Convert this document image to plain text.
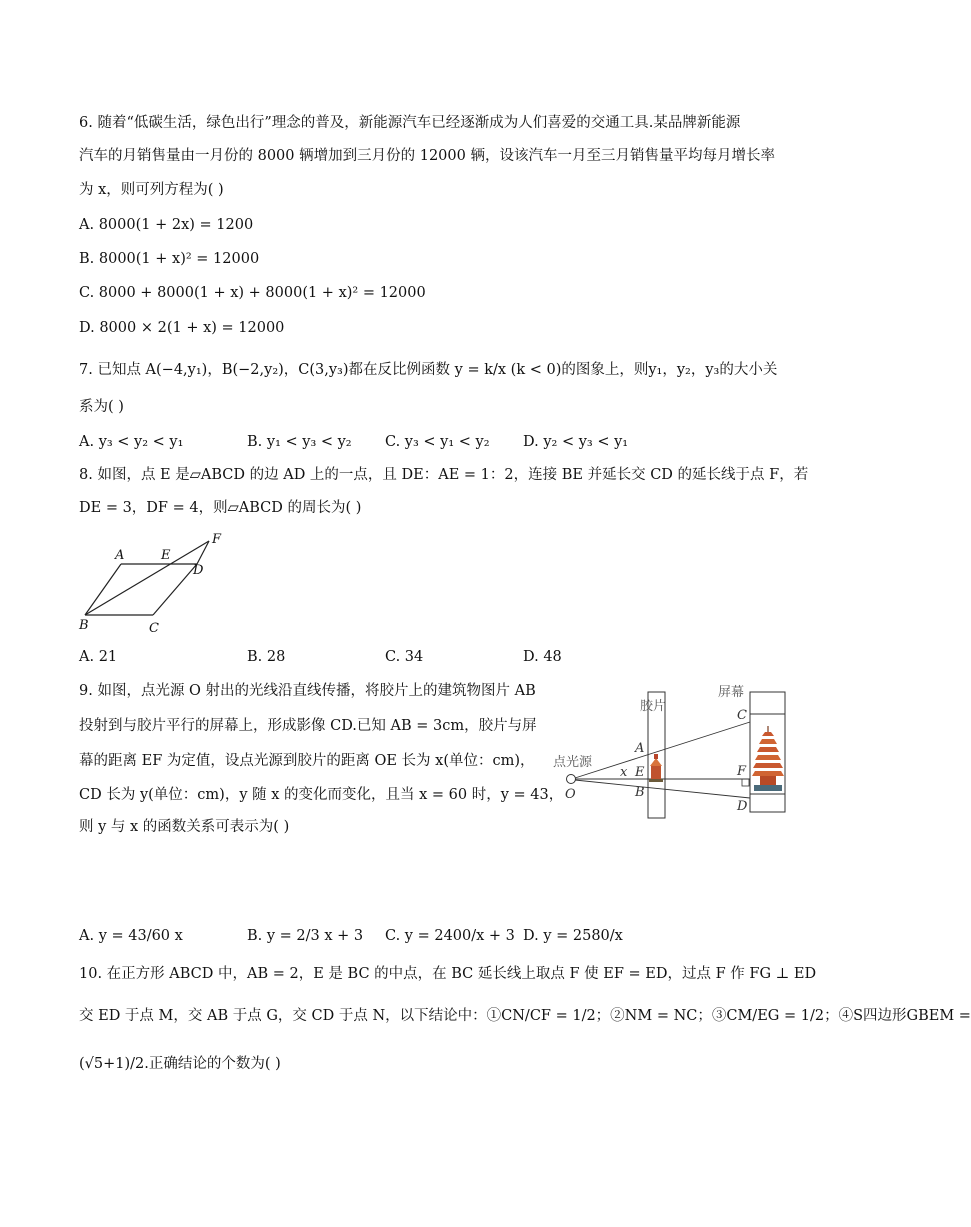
6. 随着“低碳生活，绿色出行”理念的普及，新能源汽车已经逐渐成为人们喜爱的交通工具.某品牌新能源
汽车的月销售量由一月份的 8000 辆增加到三月份的 12000 辆，设该汽车一月至三月销售量平均每月增长率
为 x，则可列方程为( )
A. 8000(1 + 2x) = 1200
B. 8000(1 + x)² = 12000
C. 8000 + 8000(1 + x) + 8000(1 + x)² = 12000
D. 8000 × 2(1 + x) = 12000
7. 已知点 A(−4,y₁)，B(−2,y₂)，C(3,y₃)都在反比例函数 y = k/x (k < 0)的图象上，则y₁，y₂，y₃的大小关
系为( )
A. y₃ < y₂ < y₁	B. y₁ < y₃ < y₂ C. y₃ < y₁ < y₂ D. y₂ < y₃ < y₁
8. 如图，点 E 是▱ABCD 的边 AD 上的一点，且 DE：AE = 1：2，连接 BE 并延长交 CD 的延长线于点 F，若
DE = 3，DF = 4，则▱ABCD 的周长为( )
A	E
F
D
B	C
A. 21	B. 28	C. 34	D. 48
9. 如图，点光源 O 射出的光线沿直线传播，将胶片上的建筑物图片 AB
投射到与胶片平行的屏幕上，形成影像 CD.已知 AB = 3cm，胶片与屏
幕的距离 EF 为定值，设点光源到胶片的距离 OE 长为 x(单位：cm)，
CD 长为 y(单位：cm)，y 随 x 的变化而变化，且当 x = 60 时，y = 43，
则 y 与 x 的函数关系可表示为( )
胶片
屏幕
点光源
O
A
E
B
C
F
D
x
A. y = 43/60 x	B. y = 2/3 x + 3 C. y = 2400/x + 3 D. y = 2580/x
10. 在正方形 ABCD 中，AB = 2，E 是 BC 的中点，在 BC 延长线上取点 F 使 EF = ED，过点 F 作 FG ⊥ ED
交 ED 于点 M，交 AB 于点 G，交 CD 于点 N，以下结论中：①CN/CF = 1/2；②NM = NC；③CM/EG = 1/2；④S四边形GBEM =
(√5+1)/2.正确结论的个数为( )
